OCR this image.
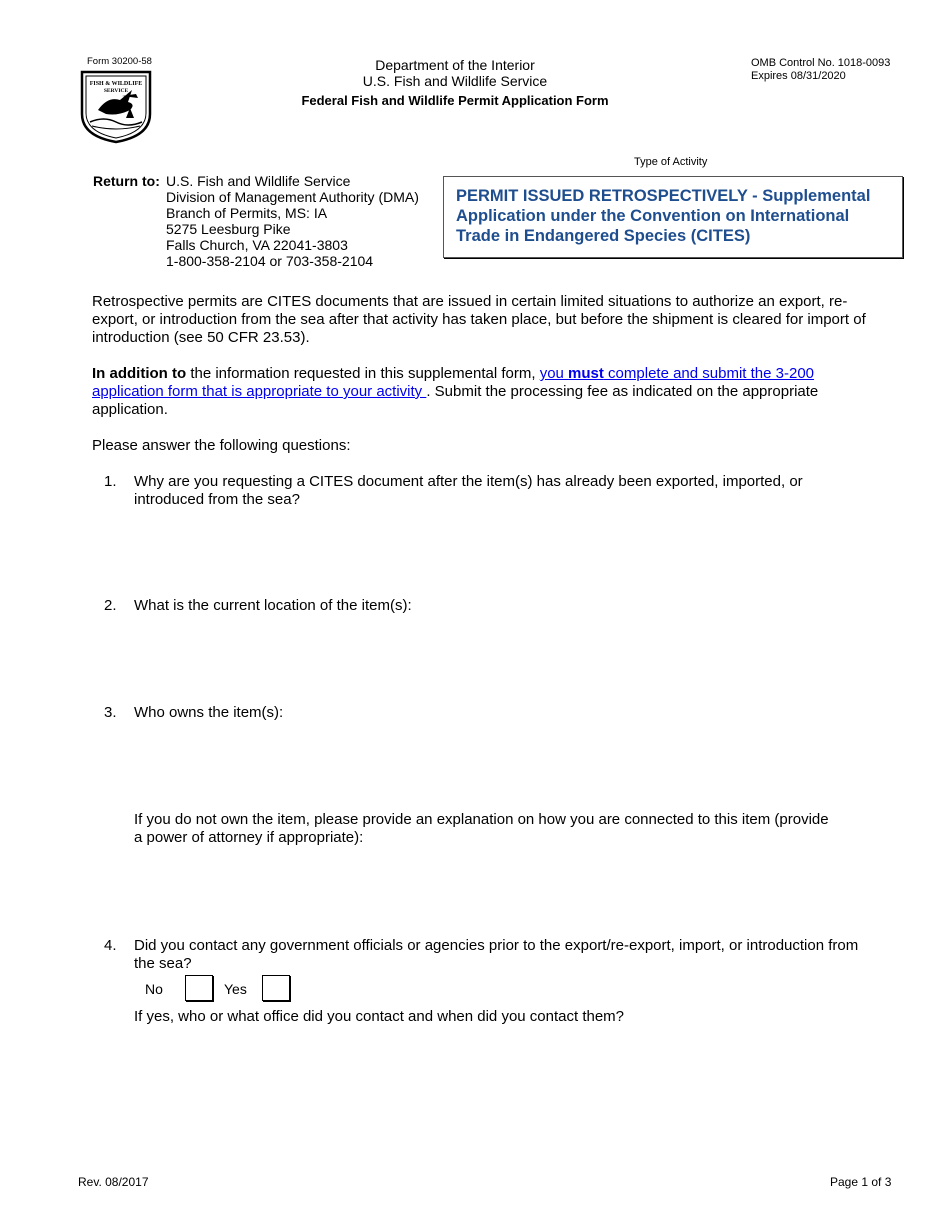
Form 30200-58
FISH & WILDLIFE
SERVICE
Department of the Interior
U.S. Fish and Wildlife Service
Federal Fish and Wildlife Permit Application Form
OMB Control No. 1018-0093
Expires 08/31/2020
Type of Activity
PERMIT ISSUED RETROSPECTIVELY - Supplemental
Application under the Convention on International
Trade in Endangered Species (CITES)
Return to: U.S. Fish and Wildlife Service
Division of Management Authority (DMA)
Branch of Permits, MS: IA
5275 Leesburg Pike
Falls Church, VA 22041-3803
1-800-358-2104 or 703-358-2104
Retrospective permits are CITES documents that are issued in certain limited situations to authorize an export, re-
export, or introduction from the sea after that activity has taken place, but before the shipment is cleared for import of
introduction (see 50 CFR 23.53).
In addition to the information requested in this supplemental form, you must complete and submit the 3-200
application form that is appropriate to your activity . Submit the processing fee as indicated on the appropriate
application.
Please answer the following questions:
1. Why are you requesting a CITES document after the item(s) has already been exported, imported, or
introduced from the sea?
2. What is the current location of the item(s):
3. Who owns the item(s):
If you do not own the item, please provide an explanation on how you are connected to this item (provide
a power of attorney if appropriate):
4. Did you contact any government officials or agencies prior to the export/re-export, import, or introduction from
the sea?
No	Yes
If yes, who or what office did you contact and when did you contact them?
Rev. 08/2017	Page 1 of 3
